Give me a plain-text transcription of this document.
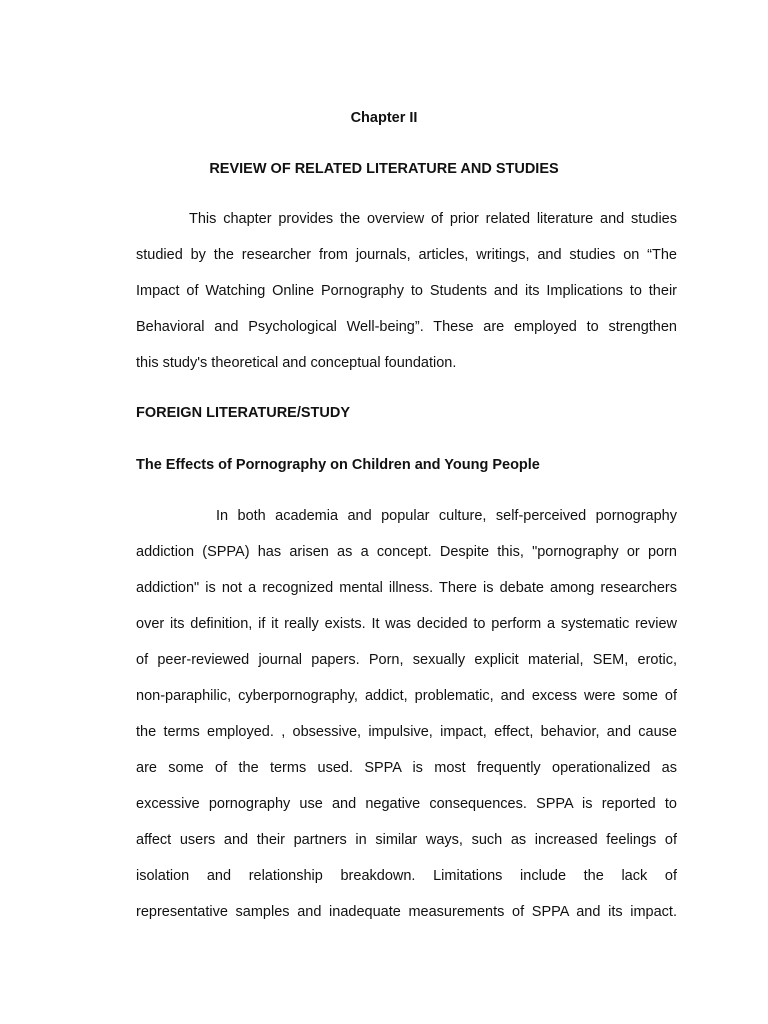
Chapter II
REVIEW OF RELATED LITERATURE AND STUDIES
This chapter provides the overview of prior related literature and studies
studied by the researcher from journals, articles, writings, and studies on “The
Impact of Watching Online Pornography to Students and its Implications to their
Behavioral and Psychological Well-being”. These are employed to strengthen
this study's theoretical and conceptual foundation.
FOREIGN LITERATURE/STUDY
The Effects of Pornography on Children and Young People
In both academia and popular culture, self-perceived pornography
addiction (SPPA) has arisen as a concept. Despite this, "pornography or porn
addiction" is not a recognized mental illness. There is debate among researchers
over its definition, if it really exists. It was decided to perform a systematic review
of peer-reviewed journal papers. Porn, sexually explicit material, SEM, erotic,
non-paraphilic, cyberpornography, addict, problematic, and excess were some of
the terms employed. , obsessive, impulsive, impact, effect, behavior, and cause
are some of the terms used. SPPA is most frequently operationalized as
excessive pornography use and negative consequences. SPPA is reported to
affect users and their partners in similar ways, such as increased feelings of
isolation and relationship breakdown. Limitations include the lack of
representative samples and inadequate measurements of SPPA and its impact.
